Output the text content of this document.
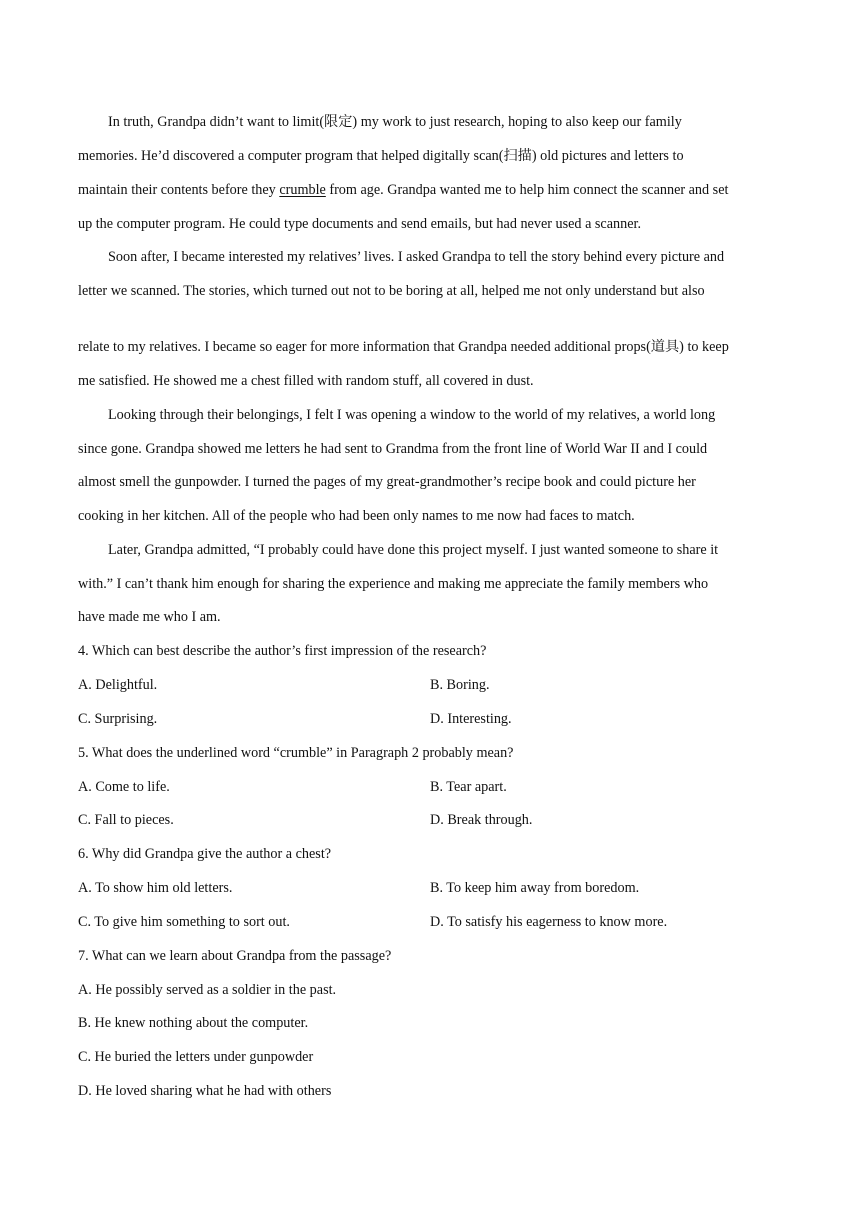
In truth, Grandpa didn’t want to limit(限定) my work to just research, hoping to also keep our family
memories. He’d discovered a computer program that helped digitally scan(扫描) old pictures and letters to
maintain their contents before they crumble from age. Grandpa wanted me to help him connect the scanner and set
up the computer program. He could type documents and send emails, but had never used a scanner.
Soon after, I became interested my relatives’ lives. I asked Grandpa to tell the story behind every picture and
letter we scanned. The stories, which turned out not to be boring at all, helped me not only understand but also
relate to my relatives. I became so eager for more information that Grandpa needed additional props(道具) to keep
me satisfied. He showed me a chest filled with random stuff, all covered in dust.
Looking through their belongings, I felt I was opening a window to the world of my relatives, a world long
since gone. Grandpa showed me letters he had sent to Grandma from the front line of World War II and I could
almost smell the gunpowder. I turned the pages of my great-grandmother’s recipe book and could picture her
cooking in her kitchen. All of the people who had been only names to me now had faces to match.
Later, Grandpa admitted, “I probably could have done this project myself. I just wanted someone to share it
with.” I can’t thank him enough for sharing the experience and making me appreciate the family members who
have made me who I am.
4. Which can best describe the author’s first impression of the research?
A. Delightful.	B. Boring.
C. Surprising.	D. Interesting.
5. What does the underlined word “crumble” in Paragraph 2 probably mean?
A. Come to life.	B. Tear apart.
C. Fall to pieces.	D. Break through.
6. Why did Grandpa give the author a chest?
A. To show him old letters.	B. To keep him away from boredom.
C. To give him something to sort out.	D. To satisfy his eagerness to know more.
7. What can we learn about Grandpa from the passage?
A. He possibly served as a soldier in the past.
B. He knew nothing about the computer.
C. He buried the letters under gunpowder
D. He loved sharing what he had with others
